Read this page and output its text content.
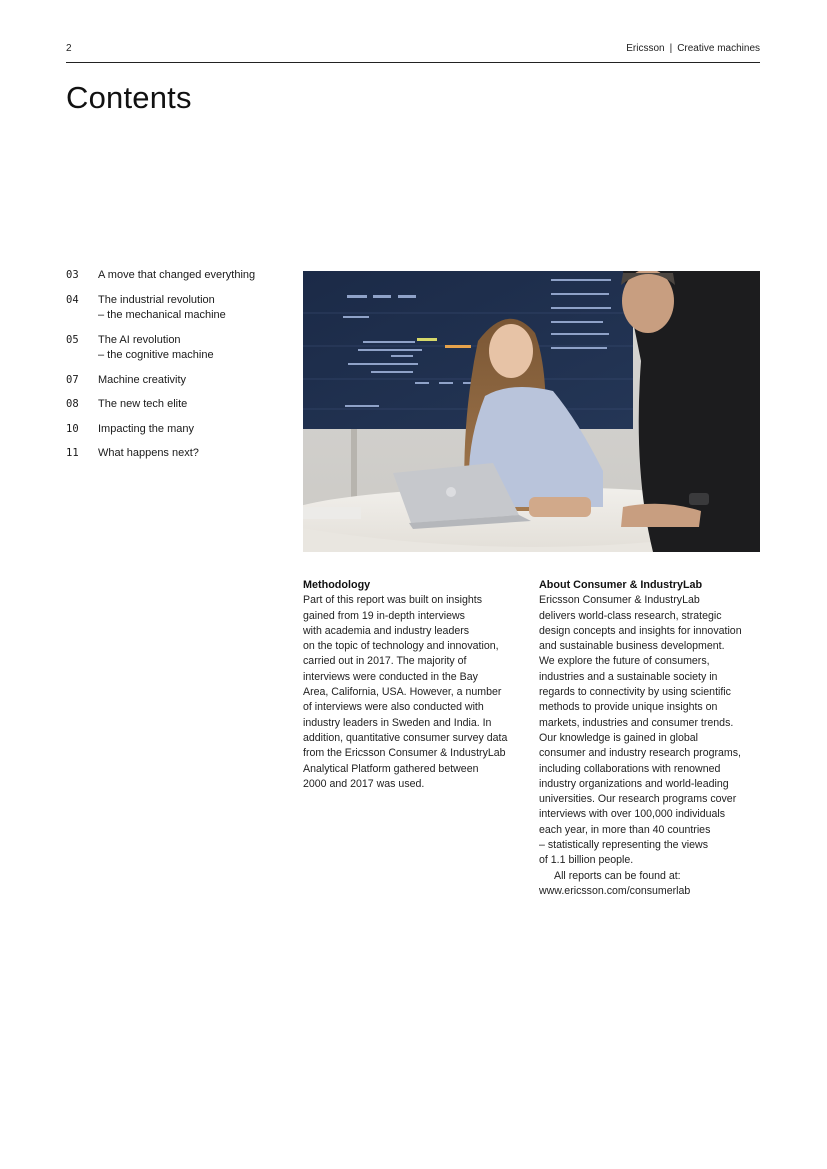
2	Ericsson | Creative machines
Contents
03	A move that changed everything
04	The industrial revolution
– the mechanical machine
05	The AI revolution
– the cognitive machine
07	Machine creativity
08	The new tech elite
10	Impacting the many
11	What happens next?
Methodology

Part of this report was built on insights
gained from 19 in-depth interviews
with academia and industry leaders
on the topic of technology and innovation,
carried out in 2017. The majority of
interviews were conducted in the Bay
Area, California, USA. However, a number
of interviews were also conducted with
industry leaders in Sweden and India. In
addition, quantitative consumer survey data
from the Ericsson Consumer & IndustryLab
Analytical Platform gathered between
2000 and 2017 was used.

About Consumer & IndustryLab

Ericsson Consumer & IndustryLab
delivers world-class research, strategic
design concepts and insights for innovation
and sustainable business development.
We explore the future of consumers,
industries and a sustainable society in
regards to connectivity by using scientific
methods to provide unique insights on
markets, industries and consumer trends.
Our knowledge is gained in global
consumer and industry research programs,
including collaborations with renowned
industry organizations and world-leading
universities. Our research programs cover
interviews with over 100,000 individuals
each year, in more than 40 countries
– statistically representing the views
of 1.1 billion people.
All reports can be found at:
www.ericsson.com/consumerlab
